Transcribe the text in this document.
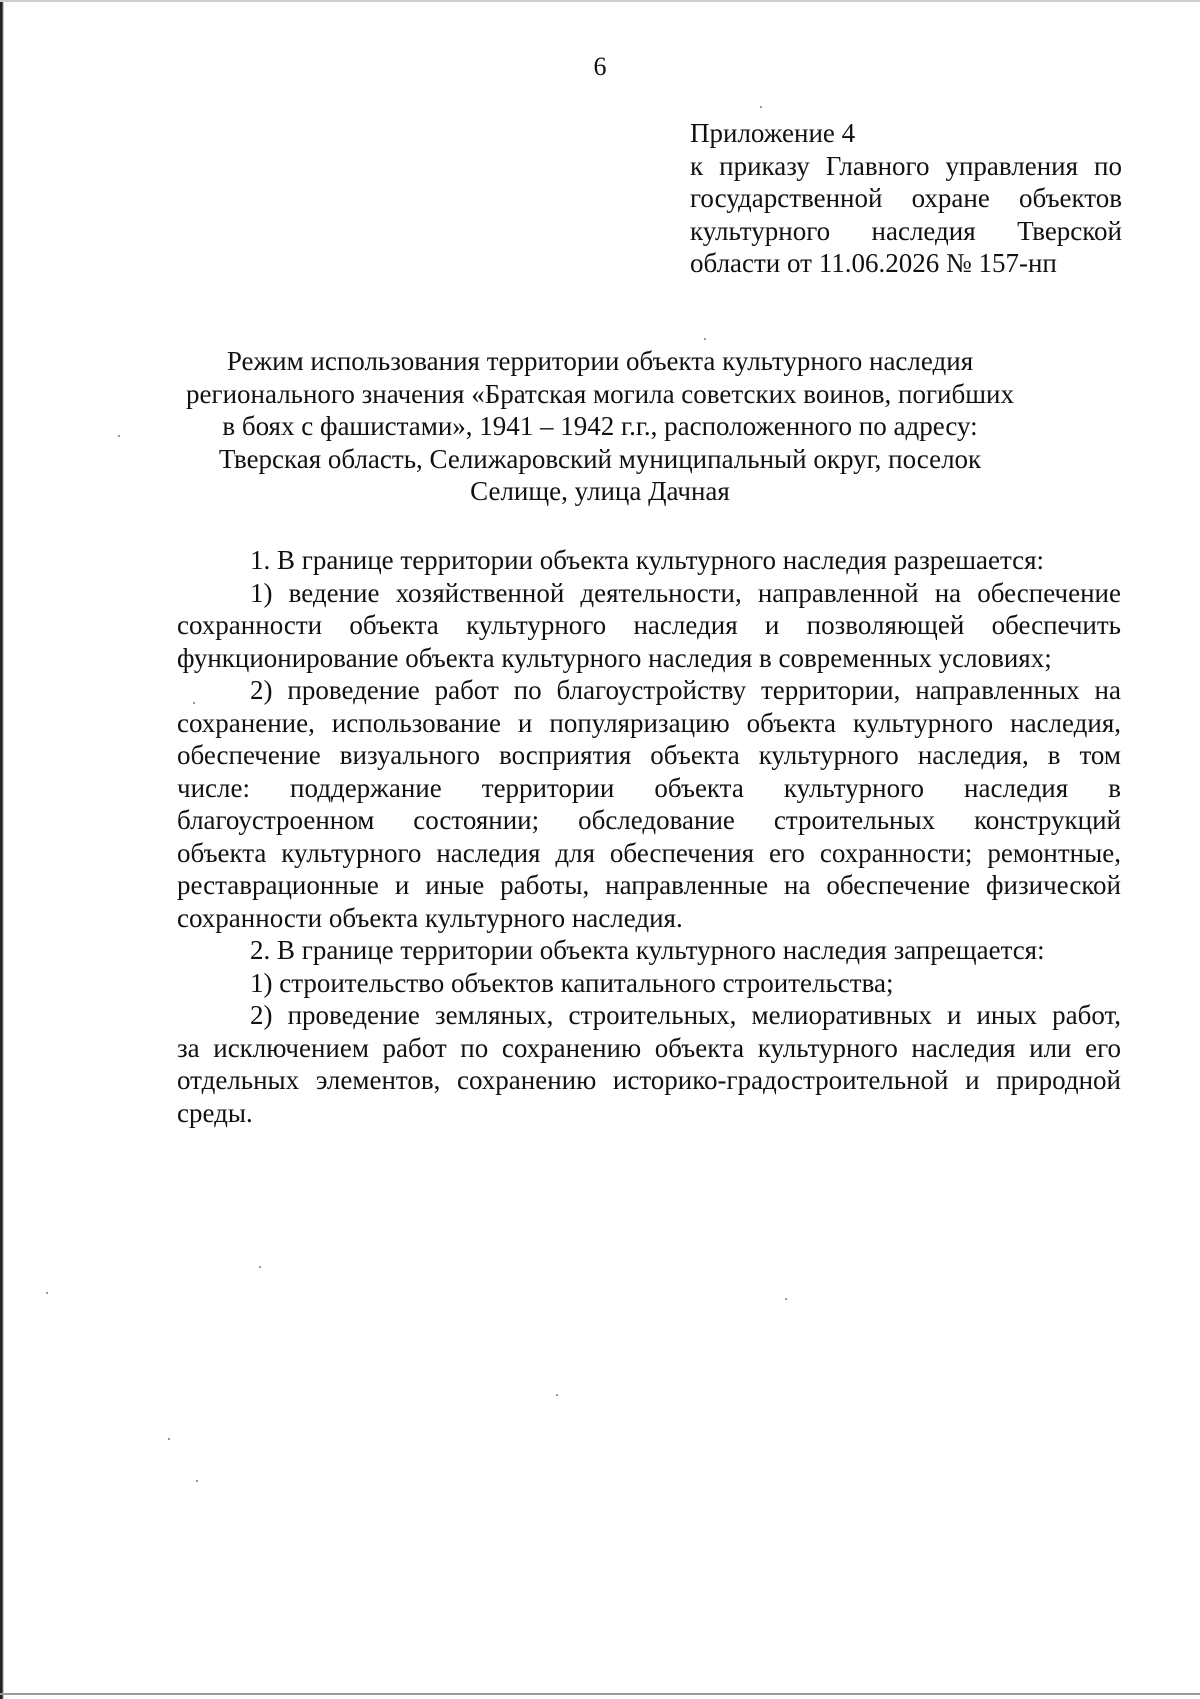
6
Приложение 4
к приказу Главного управления по
государственной охране объектов
культурного наследия Тверской
области от 11.06.2026 № 157-нп
Режим использования территории объекта культурного наследия
регионального значения «Братская могила советских воинов, погибших
в боях с фашистами», 1941 – 1942 г.г., расположенного по адресу:
Тверская область, Селижаровский муниципальный округ, поселок
Селище, улица Дачная
1. В границе территории объекта культурного наследия разрешается:
1) ведение хозяйственной деятельности, направленной на обеспечение
сохранности объекта культурного наследия и позволяющей обеспечить
функционирование объекта культурного наследия в современных условиях;
2) проведение работ по благоустройству территории, направленных на
сохранение, использование и популяризацию объекта культурного наследия,
обеспечение визуального восприятия объекта культурного наследия, в том
числе: поддержание территории объекта культурного наследия в
благоустроенном состоянии; обследование строительных конструкций
объекта культурного наследия для обеспечения его сохранности; ремонтные,
реставрационные и иные работы, направленные на обеспечение физической
сохранности объекта культурного наследия.
2. В границе территории объекта культурного наследия запрещается:
1) строительство объектов капитального строительства;
2) проведение земляных, строительных, мелиоративных и иных работ,
за исключением работ по сохранению объекта культурного наследия или его
отдельных элементов, сохранению историко-градостроительной и природной
среды.
